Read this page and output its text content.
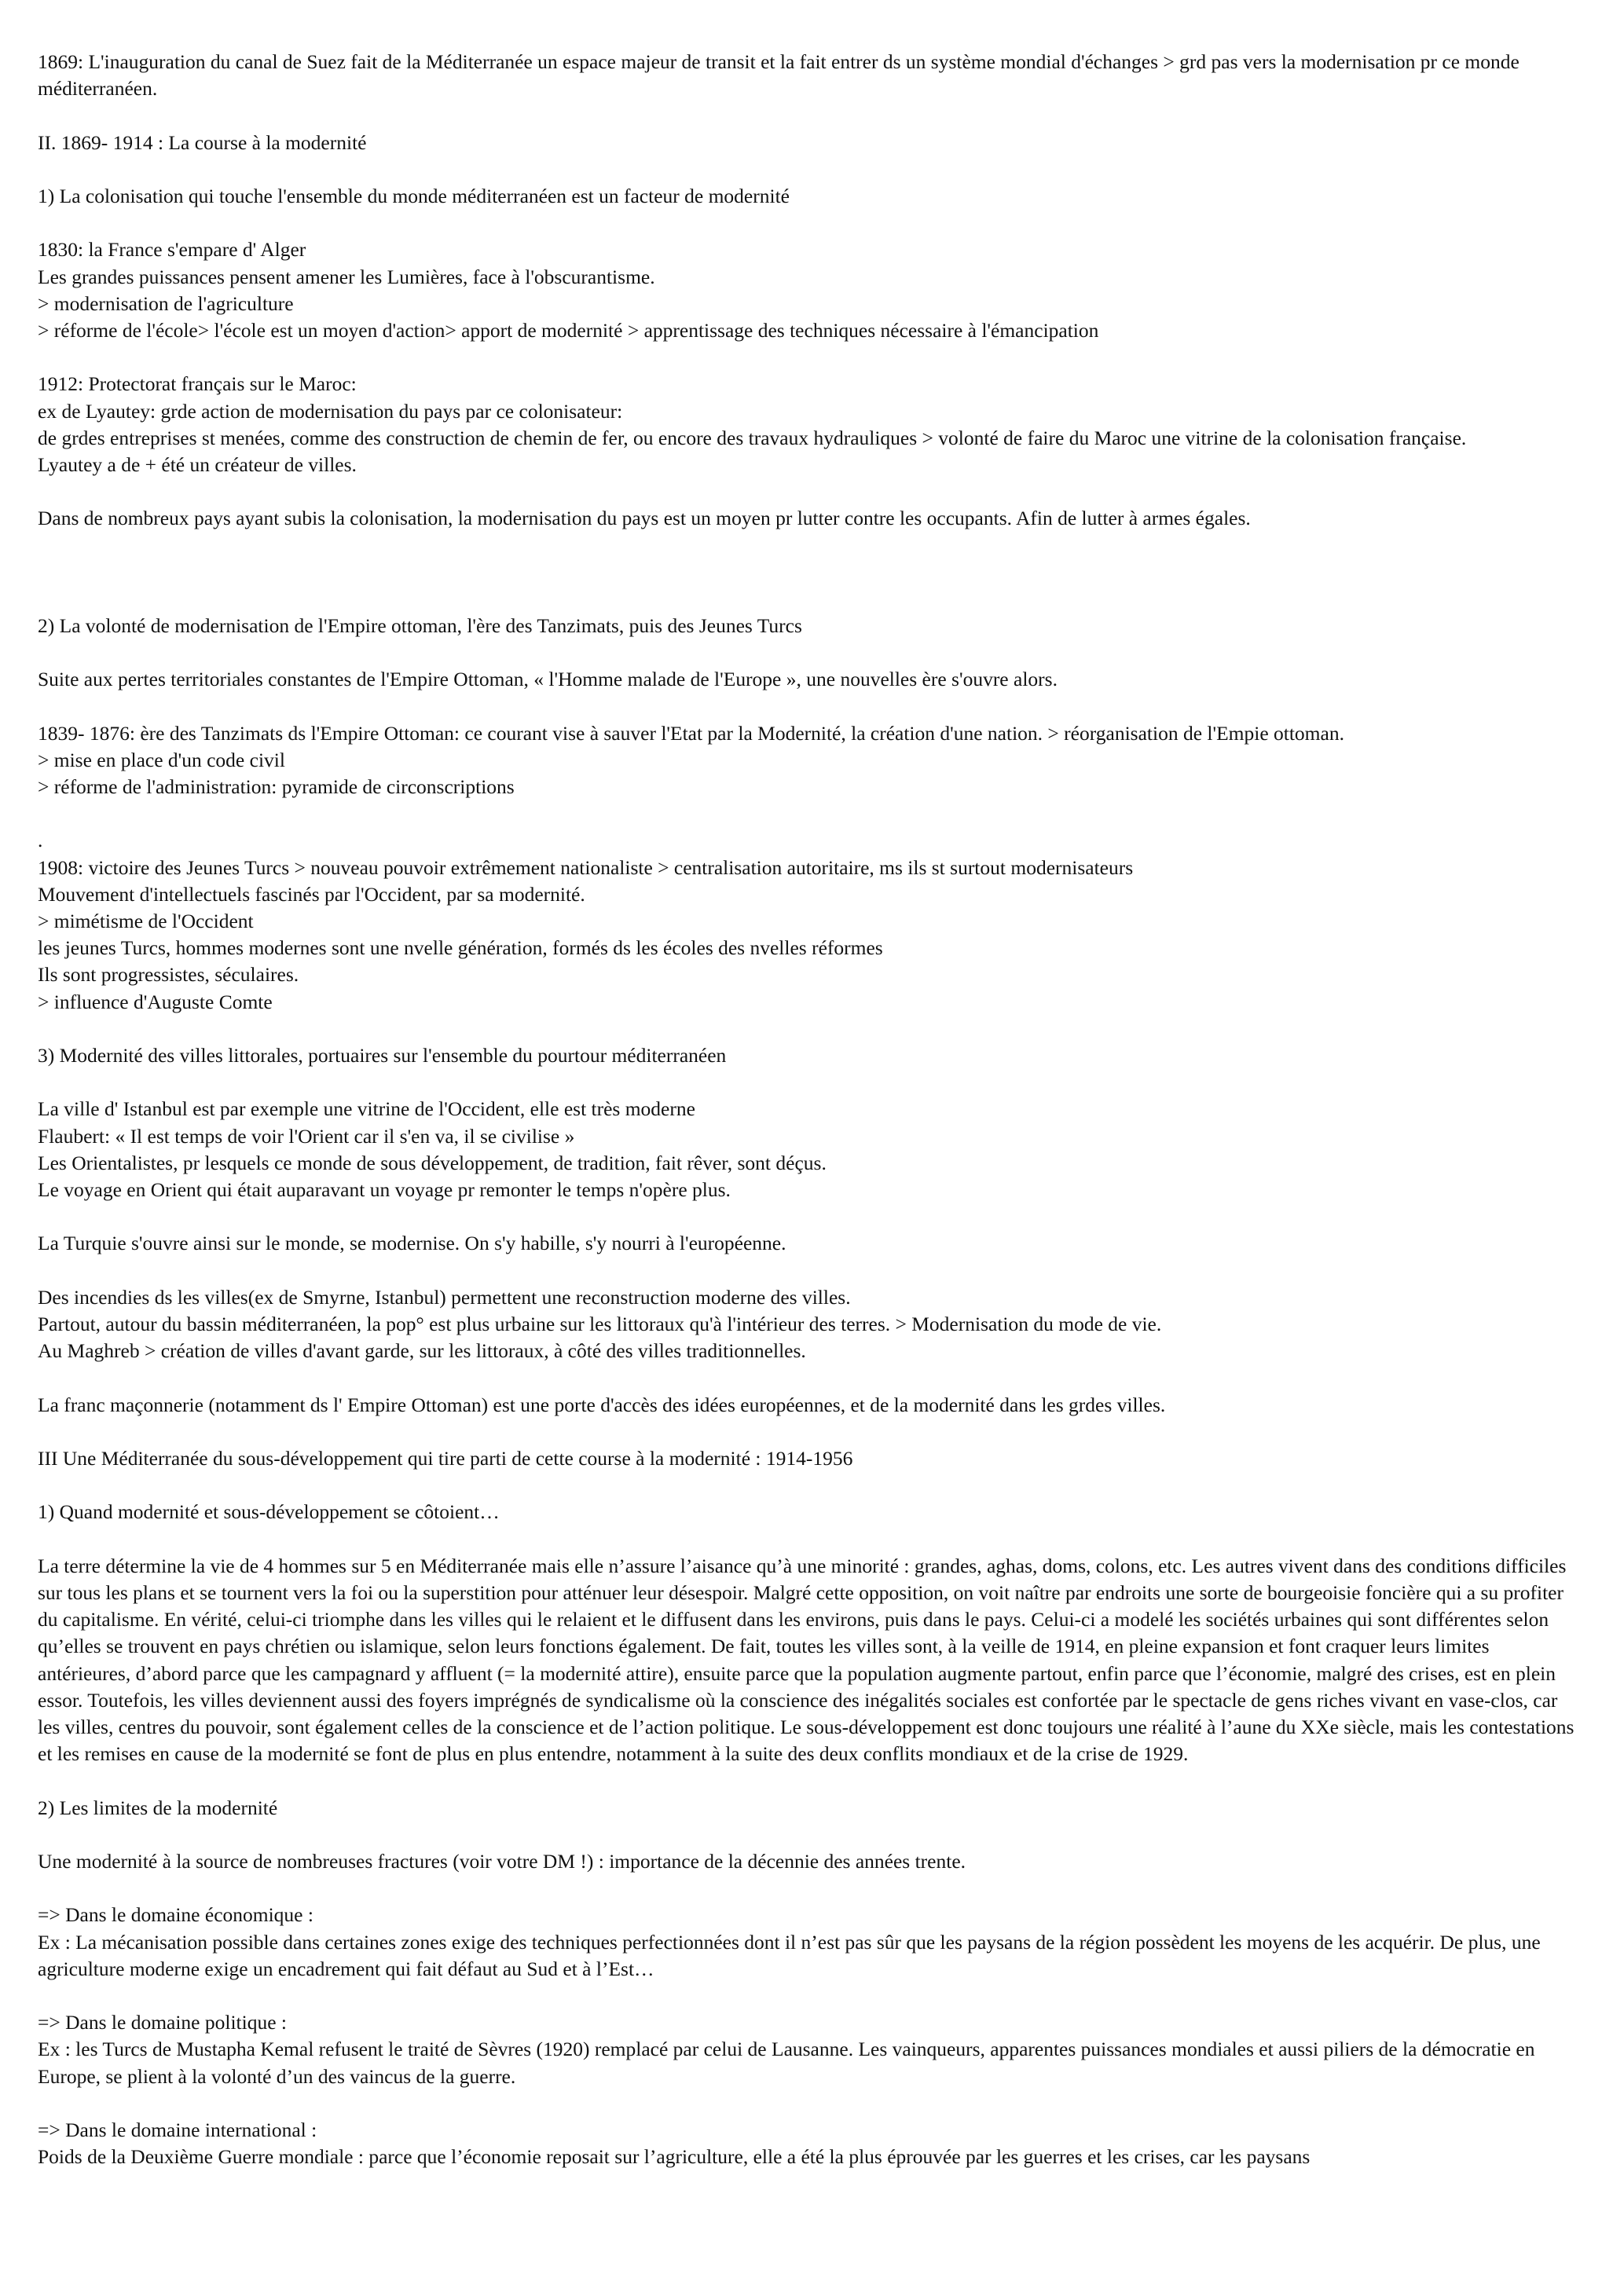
1869: L'inauguration du canal de Suez fait de la Méditerranée un espace majeur de transit et la fait entrer ds un système mondial d'échanges > grd pas vers la modernisation pr ce monde méditerranéen.

II. 1869- 1914 : La course à la modernité

1) La colonisation qui touche l'ensemble du monde méditerranéen est un facteur de modernité

1830: la France s'empare d' Alger
Les grandes puissances pensent amener les Lumières, face à l'obscurantisme.
> modernisation de l'agriculture
> réforme de l'école> l'école est un moyen d'action> apport de modernité > apprentissage des techniques nécessaire à l'émancipation

1912: Protectorat français sur le Maroc:
ex de Lyautey: grde action de modernisation du pays par ce colonisateur:
de grdes entreprises st menées, comme des construction de chemin de fer, ou encore des travaux hydrauliques > volonté de faire du Maroc une vitrine de la colonisation française.
Lyautey a de + été un créateur de villes.

Dans de nombreux pays ayant subis la colonisation, la modernisation du pays est un moyen pr lutter contre les occupants. Afin de lutter à armes égales.

2) La volonté de modernisation de l'Empire ottoman, l'ère des Tanzimats, puis des Jeunes Turcs

Suite aux pertes territoriales constantes de l'Empire Ottoman, « l'Homme malade de l'Europe », une nouvelles ère s'ouvre alors.

1839- 1876: ère des Tanzimats ds l'Empire Ottoman: ce courant vise à sauver l'Etat par la Modernité, la création d'une nation. > réorganisation de l'Empie ottoman.
> mise en place d'un code civil
> réforme de l'administration: pyramide de circonscriptions

.
1908: victoire des Jeunes Turcs > nouveau pouvoir extrêmement nationaliste > centralisation autoritaire, ms ils st surtout modernisateurs
Mouvement d'intellectuels fascinés par l'Occident, par sa modernité.
> mimétisme de l'Occident
les jeunes Turcs, hommes modernes sont une nvelle génération, formés ds les écoles des nvelles réformes
Ils sont progressistes, séculaires.
> influence d'Auguste Comte

3) Modernité des villes littorales, portuaires sur l'ensemble du pourtour méditerranéen

La ville d' Istanbul est par exemple une vitrine de l'Occident, elle est très moderne
Flaubert: « Il est temps de voir l'Orient car il s'en va, il se civilise »
Les Orientalistes, pr lesquels ce monde de sous développement, de tradition, fait rêver, sont déçus.
Le voyage en Orient qui était auparavant un voyage pr remonter le temps n'opère plus.

La Turquie s'ouvre ainsi sur le monde, se modernise. On s'y habille, s'y nourri à l'européenne.

Des incendies ds les villes(ex de Smyrne, Istanbul) permettent une reconstruction moderne des villes.
Partout, autour du bassin méditerranéen, la pop° est plus urbaine sur les littoraux qu'à l'intérieur des terres. > Modernisation du mode de vie.
Au Maghreb > création de villes d'avant garde, sur les littoraux, à côté des villes traditionnelles.

La franc maçonnerie (notamment ds l' Empire Ottoman) est une porte d'accès des idées européennes, et de la modernité dans les grdes villes.

III Une Méditerranée du sous-développement qui tire parti de cette course à la modernité : 1914-1956

1) Quand modernité et sous-développement se côtoient…

La terre détermine la vie de 4 hommes sur 5 en Méditerranée mais elle n’assure l’aisance qu’à une minorité : grandes, aghas, doms, colons, etc. Les autres vivent dans des conditions difficiles sur tous les plans et se tournent vers la foi ou la superstition pour atténuer leur désespoir. Malgré cette opposition, on voit naître par endroits une sorte de bourgeoisie foncière qui a su profiter du capitalisme. En vérité, celui-ci triomphe dans les villes qui le relaient et le diffusent dans les environs, puis dans le pays. Celui-ci a modelé les sociétés urbaines qui sont différentes selon qu’elles se trouvent en pays chrétien ou islamique, selon leurs fonctions également. De fait, toutes les villes sont, à la veille de 1914, en pleine expansion et font craquer leurs limites antérieures, d’abord parce que les campagnard y affluent (= la modernité attire), ensuite parce que la population augmente partout, enfin parce que l’économie, malgré des crises, est en plein essor. Toutefois, les villes deviennent aussi des foyers imprégnés de syndicalisme où la conscience des inégalités sociales est confortée par le spectacle de gens riches vivant en vase-clos, car les villes, centres du pouvoir, sont également celles de la conscience et de l’action politique. Le sous-développement est donc toujours une réalité à l’aune du XXe siècle, mais les contestations et les remises en cause de la modernité se font de plus en plus entendre, notamment à la suite des deux conflits mondiaux et de la crise de 1929.

2) Les limites de la modernité

Une modernité à la source de nombreuses fractures (voir votre DM !) : importance de la décennie des années trente.

=> Dans le domaine économique :
Ex : La mécanisation possible dans certaines zones exige des techniques perfectionnées dont il n’est pas sûr que les paysans de la région possèdent les moyens de les acquérir. De plus, une agriculture moderne exige un encadrement qui fait défaut au Sud et à l’Est…

=> Dans le domaine politique :
Ex : les Turcs de Mustapha Kemal refusent le traité de Sèvres (1920) remplacé par celui de Lausanne. Les vainqueurs, apparentes puissances mondiales et aussi piliers de la démocratie en Europe, se plient à la volonté d’un des vaincus de la guerre.

=> Dans le domaine international :
Poids de la Deuxième Guerre mondiale : parce que l’économie reposait sur l’agriculture, elle a été la plus éprouvée par les guerres et les crises, car les paysans
